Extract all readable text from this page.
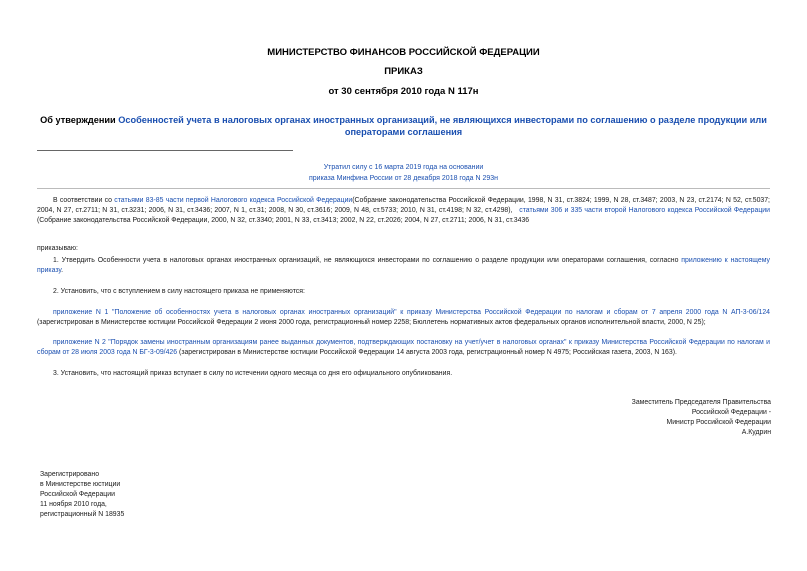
МИНИСТЕРСТВО ФИНАНСОВ РОССИЙСКОЙ ФЕДЕРАЦИИ
ПРИКАЗ
от 30 сентября 2010 года N 117н
Об утверждении Особенностей учета в налоговых органах иностранных организаций, не являющихся инвесторами по соглашению о разделе продукции или операторами соглашения
Утратил силу с 16 марта 2019 года на основании
приказа Минфина России от 28 декабря 2018 года N 293н
В соответствии со статьями 83-85 части первой Налогового кодекса Российской Федерации(Собрание законодательства Российской Федерации, 1998, N 31, ст.3824; 1999, N 28, ст.3487; 2003, N 23, ст.2174; N 52, ст.5037; 2004, N 27, ст.2711; N 31, ст.3231; 2006, N 31, ст.3436; 2007, N 1, ст.31; 2008, N 30, ст.3616; 2009, N 48, ст.5733; 2010, N 31, ст.4198; N 32, ст.4298), статьями 306 и 335 части второй Налогового кодекса Российской Федерации (Собрание законодательства Российской Федерации, 2000, N 32, ст.3340; 2001, N 33, ст.3413; 2002, N 22, ст.2026; 2004, N 27, ст.2711; 2006, N 31, ст.3436
приказываю:
1. Утвердить Особенности учета в налоговых органах иностранных организаций, не являющихся инвесторами по соглашению о разделе продукции или операторами соглашения, согласно приложению к настоящему приказу.
2. Установить, что с вступлением в силу настоящего приказа не применяются:
приложение N 1 "Положение об особенностях учета в налоговых органах иностранных организаций" к приказу Министерства Российской Федерации по налогам и сборам от 7 апреля 2000 года N АП-3-06/124 (зарегистрирован в Министерстве юстиции Российской Федерации 2 июня 2000 года, регистрационный номер 2258; Бюллетень нормативных актов федеральных органов исполнительной власти, 2000, N 25);
приложение N 2 "Порядок замены иностранным организациям ранее выданных документов, подтверждающих постановку на учет/учет в налоговых органах" к приказу Министерства Российской Федерации по налогам и сборам от 28 июля 2003 года N БГ-3-09/426 (зарегистрирован в Министерстве юстиции Российской Федерации 14 августа 2003 года, регистрационный номер N 4975; Российская газета, 2003, N 163).
3. Установить, что настоящий приказ вступает в силу по истечении одного месяца со дня его официального опубликования.
Заместитель Председателя Правительства
Российской Федерации -
Министр Российской Федерации
А.Кудрин
Зарегистрировано
в Министерстве юстиции
Российской Федерации
11 ноября 2010 года,
регистрационный N 18935
